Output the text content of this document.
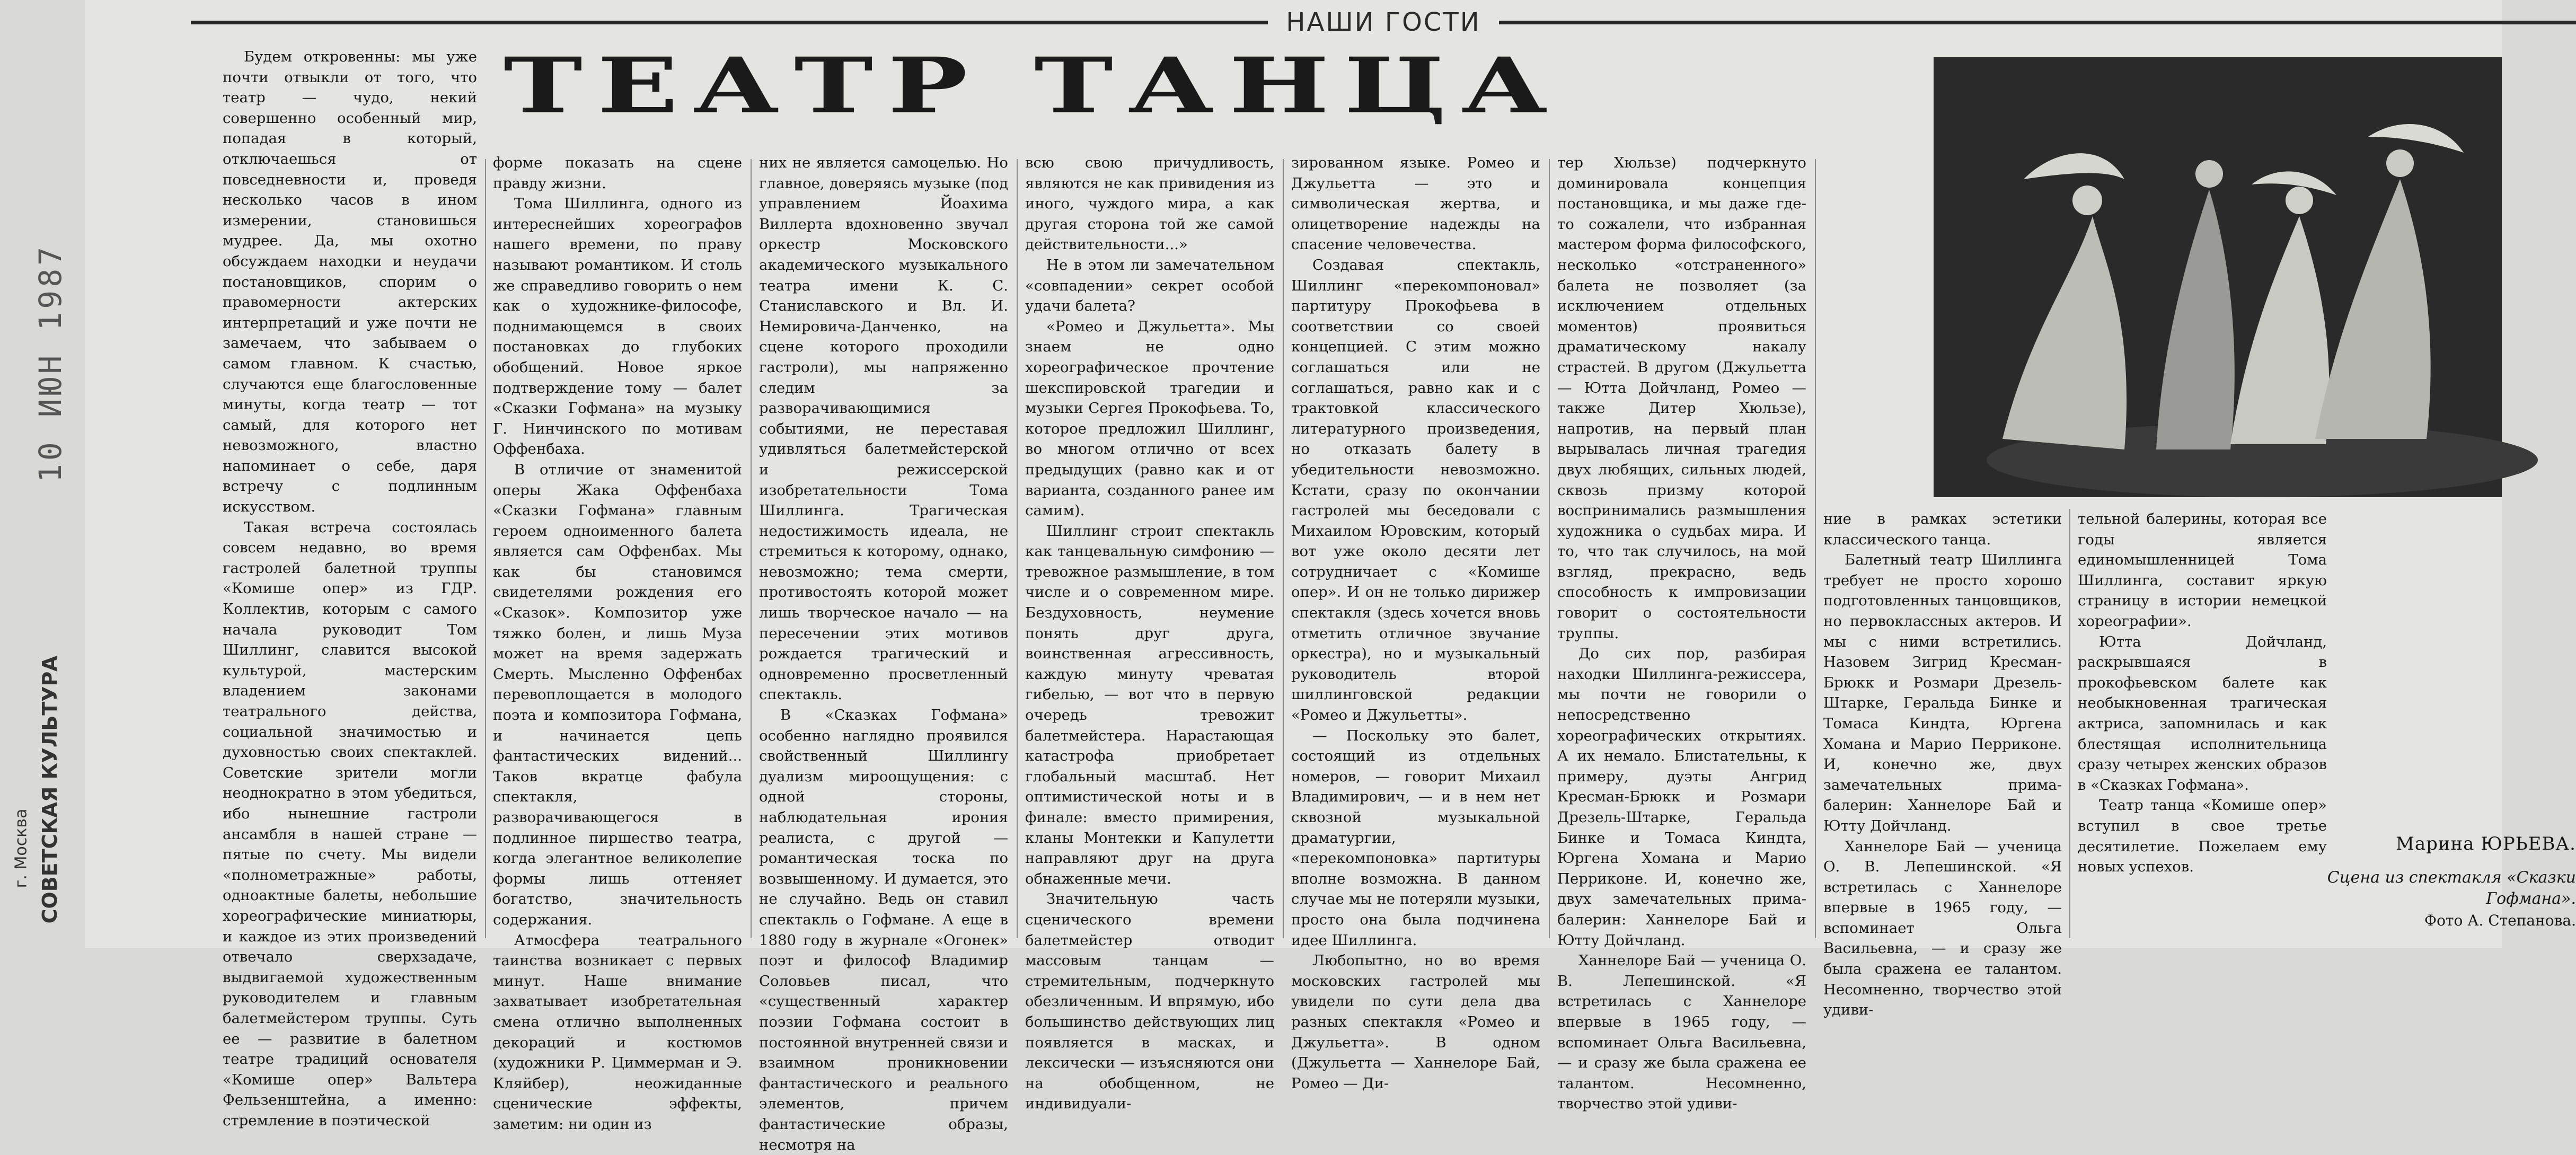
НАШИ ГОСТИ
ТЕАТР ТАНЦА

Будем откровенны: мы уже почти отвыкли от того, что театр — чудо, некий совершенно особенный мир, попадая в который, отключаешься от повседневности и, проведя несколько часов в ином измерении, становишься мудрее. Да, мы охотно обсуждаем находки и неудачи постановщиков, спорим о правомерности актерских интерпретаций и уже почти не замечаем, что забываем о самом главном. К счастью, случаются еще благословенные минуты, когда театр — тот самый, для которого нет невозможного, властно напоминает о себе, даря встречу с подлинным искусством.

Такая встреча состоялась совсем недавно, во время гастролей балетной труппы «Комише опер» из ГДР. Коллектив, которым с самого начала руководит Том Шиллинг, славится высокой культурой, мастерским владением законами театрального действа, социальной значимостью и духовностью своих спектаклей. Советские зрители могли неоднократно в этом убедиться, ибо нынешние гастроли ансамбля в нашей стране — пятые по счету. Мы видели «полнометражные» работы, одноактные балеты, небольшие хореографические миниатюры, и каждое из этих произведений отвечало сверхзадаче, выдвигаемой художественным руководителем и главным балетмейстером труппы. Суть ее — развитие в балетном театре традиций основателя «Комише опер» Вальтера Фельзенштейна, а именно: стремление в поэтической

форме показать на сцене правду жизни.

Тома Шиллинга, одного из интереснейших хореографов нашего времени, по праву называют романтиком. И столь же справедливо говорить о нем как о художнике-философе, поднимающемся в своих постановках до глубоких обобщений. Новое яркое подтверждение тому — балет «Сказки Гофмана» на музыку Г. Нинчинского по мотивам Оффенбаха.

В отличие от знаменитой оперы Жака Оффенбаха «Сказки Гофмана» главным героем одноименного балета является сам Оффенбах. Мы как бы становимся свидетелями рождения его «Сказок». Композитор уже тяжко болен, и лишь Муза может на время задержать Смерть. Мысленно Оффенбах перевоплощается в молодого поэта и композитора Гофмана, и начинается цепь фантастических видений... Таков вкратце фабула спектакля, разворачивающегося в подлинное пиршество театра, когда элегантное великолепие формы лишь оттеняет богатство, значительность содержания.

Атмосфера театрального таинства возникает с первых минут. Наше внимание захватывает изобретательная смена отлично выполненных декораций и костюмов (художники Р. Циммерман и Э. Кляйбер), неожиданные сценические эффекты, заметим: ни один из

них не является самоцелью. Но главное, доверяясь музыке (под управлением Йоахима Виллерта вдохновенно звучал оркестр Московского академического музыкального театра имени К. С. Станиславского и Вл. И. Немировича-Данченко, на сцене которого проходили гастроли), мы напряженно следим за разворачивающимися событиями, не переставая удивляться балетмейстерской и режиссерской изобретательности Тома Шиллинга. Трагическая недостижимость идеала, не стремиться к которому, однако, невозможно; тема смерти, противостоять которой может лишь творческое начало — на пересечении этих мотивов рождается трагический и одновременно просветленный спектакль.

В «Сказках Гофмана» особенно наглядно проявился свойственный Шиллингу дуализм мироощущения: с одной стороны, наблюдательная ирония реалиста, с другой — романтическая тоска по возвышенному. И думается, это не случайно. Ведь он ставил спектакль о Гофмане. А еще в 1880 году в журнале «Огонек» поэт и философ Владимир Соловьев писал, что «существенный характер поэзии Гофмана состоит в постоянной внутренней связи и взаимном проникновении фантастического и реального элементов, причем фантастические образы, несмотря на

всю свою причудливость, являются не как привидения из иного, чуждого мира, а как другая сторона той же самой действительности...»

Не в этом ли замечательном «совпадении» секрет особой удачи балета?

«Ромео и Джульетта». Мы знаем не одно хореографическое прочтение шекспировской трагедии и музыки Сергея Прокофьева. То, которое предложил Шиллинг, во многом отлично от всех предыдущих (равно как и от варианта, созданного ранее им самим).

Шиллинг строит спектакль как танцевальную симфонию — тревожное размышление, в том числе и о современном мире. Бездуховность, неумение понять друг друга, воинственная агрессивность, каждую минуту чреватая гибелью, — вот что в первую очередь тревожит балетмейстера. Нарастающая катастрофа приобретает глобальный масштаб. Нет оптимистической ноты и в финале: вместо примирения, кланы Монтекки и Капулетти направляют друг на друга обнаженные мечи.

Значительную часть сценического времени балетмейстер отводит массовым танцам — стремительным, подчеркнуто обезличенным. И впрямую, ибо большинство действующих лиц появляется в масках, и лексически — изъясняются они на обобщенном, не индивидуали-

зированном языке. Ромео и Джульетта — это и символическая жертва, и олицетворение надежды на спасение человечества.

Создавая спектакль, Шиллинг «перекомпоновал» партитуру Прокофьева в соответствии со своей концепцией. С этим можно соглашаться или не соглашаться, равно как и с трактовкой классического литературного произведения, но отказать балету в убедительности невозможно. Кстати, сразу по окончании гастролей мы беседовали с Михаилом Юровским, который вот уже около десяти лет сотрудничает с «Комише опер». И он не только дирижер спектакля (здесь хочется вновь отметить отличное звучание оркестра), но и музыкальный руководитель второй шиллинговской редакции «Ромео и Джульетты».

— Поскольку это балет, состоящий из отдельных номеров, — говорит Михаил Владимирович, — и в нем нет сквозной музыкальной драматургии, «перекомпоновка» партитуры вполне возможна. В данном случае мы не потеряли музыки, просто она была подчинена идее Шиллинга.

Любопытно, но во время московских гастролей мы увидели по сути дела два разных спектакля «Ромео и Джульетта». В одном (Джульетта — Ханнелоре Бай, Ромео — Ди-

тер Хюльзе) подчеркнуто доминировала концепция постановщика, и мы даже где-то сожалели, что избранная мастером форма философского, несколько «отстраненного» балета не позволяет (за исключением отдельных моментов) проявиться драматическому накалу страстей. В другом (Джульетта — Ютта Дойчланд, Ромео — также Дитер Хюльзе), напротив, на первый план вырывалась личная трагедия двух любящих, сильных людей, сквозь призму которой воспринимались размышления художника о судьбах мира. И то, что так случилось, на мой взгляд, прекрасно, ведь способность к импровизации говорит о состоятельности труппы.

До сих пор, разбирая находки Шиллинга-режиссера, мы почти не говорили о непосредственно хореографических открытиях. А их немало. Блистательны, к примеру, дуэты Ангрид Кресман-Брюкк и Розмари Дрезель-Штарке, Геральда Бинке и Томаса Киндта, Юргена Хомана и Марио Перриконе. И, конечно же, двух замечательных прима-балерин: Ханнелоре Бай и Ютту Дойчланд.

Ханнелоре Бай — ученица О. В. Лепешинской. «Я встретилась с Ханнелоре впервые в 1965 году, — вспоминает Ольга Васильевна, — и сразу же была сражена ее талантом. Несомненно, творчество этой удиви-

ние в рамках эстетики классического танца.

Балетный театр Шиллинга требует не просто хорошо подготовленных танцовщиков, но первоклассных актеров. И мы с ними встретились. Назовем Зигрид Кресман-Брюкк и Розмари Дрезель-Штарке, Геральда Бинке и Томаса Киндта, Юргена Хомана и Марио Перриконе. И, конечно же, двух замечательных прима-балерин: Ханнелоре Бай и Ютту Дойчланд.

Ханнелоре Бай — ученица О. В. Лепешинской. «Я встретилась с Ханнелоре впервые в 1965 году, — вспоминает Ольга Васильевна, — и сразу же была сражена ее талантом. Несомненно, творчество этой удиви-

тельной балерины, которая все годы является единомышленницей Тома Шиллинга, составит яркую страницу в истории немецкой хореографии».

Ютта Дойчланд, раскрывшаяся в прокофьевском балете как необыкновенная трагическая актриса, запомнилась и как блестящая исполнительница сразу четырех женских образов в «Сказках Гофмана».

Театр танца «Комише опер» вступил в свое третье десятилетие. Пожелаем ему новых успехов.

Марина ЮРЬЕВА.
Сцена из спектакля «Сказки Гофмана».
Фото А. Степанова.
10 ИЮН 1987
СОВЕТСКАЯ КУЛЬТУРА
г. Москва
